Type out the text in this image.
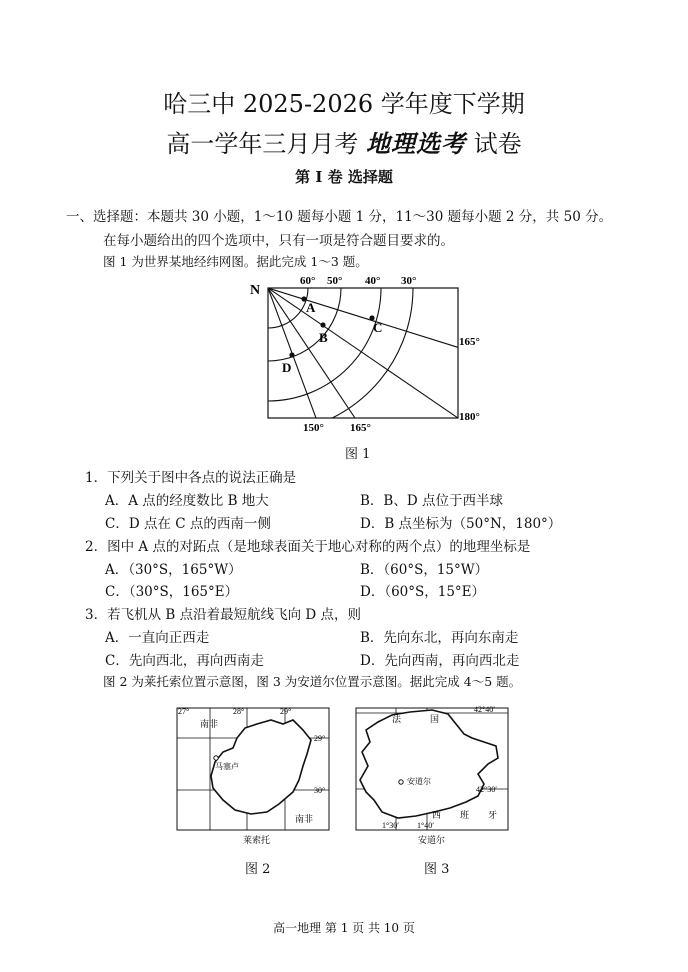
哈三中 2025-2026 学年度下学期
高一学年三月月考 地理选考 试卷
第 I 卷 选择题
一、选择题：本题共 30 小题，1～10 题每小题 1 分，11～30 题每小题 2 分，共 50 分。
在每小题给出的四个选项中，只有一项是符合题目要求的。
图 1 为世界某地经纬网图。据此完成 1～3 题。
N
60° 50° 40° 30°
165°
180°
150° 165°
A
B
C
D
图 1
1．下列关于图中各点的说法正确是
A．A 点的经度数比 B 地大	B．B、D 点位于西半球
C．D 点在 C 点的西南一侧	D．B 点坐标为（50°N，180°）
2．图中 A 点的对跖点（是地球表面关于地心对称的两个点）的地理坐标是
A．（30°S，165°W）	B．（60°S，15°W）
C．（30°S，165°E）	D．（60°S，15°E）
3．若飞机从 B 点沿着最短航线飞向 D 点，则
A．一直向正西走	B．先向东北，再向东南走
C．先向西北，再向西南走	D．先向西南，再向西北走
图 2 为莱托索位置示意图，图 3 为安道尔位置示意图。据此完成 4～5 题。
27°	28°	29°
29°
30°
南非
南非
马塞卢
莱索托
图 2
法	国
42°40′
42°30′
安道尔
西 班 牙
1°30′ 1°40′
安道尔
图 3
高一地理 第 1 页 共 10 页
